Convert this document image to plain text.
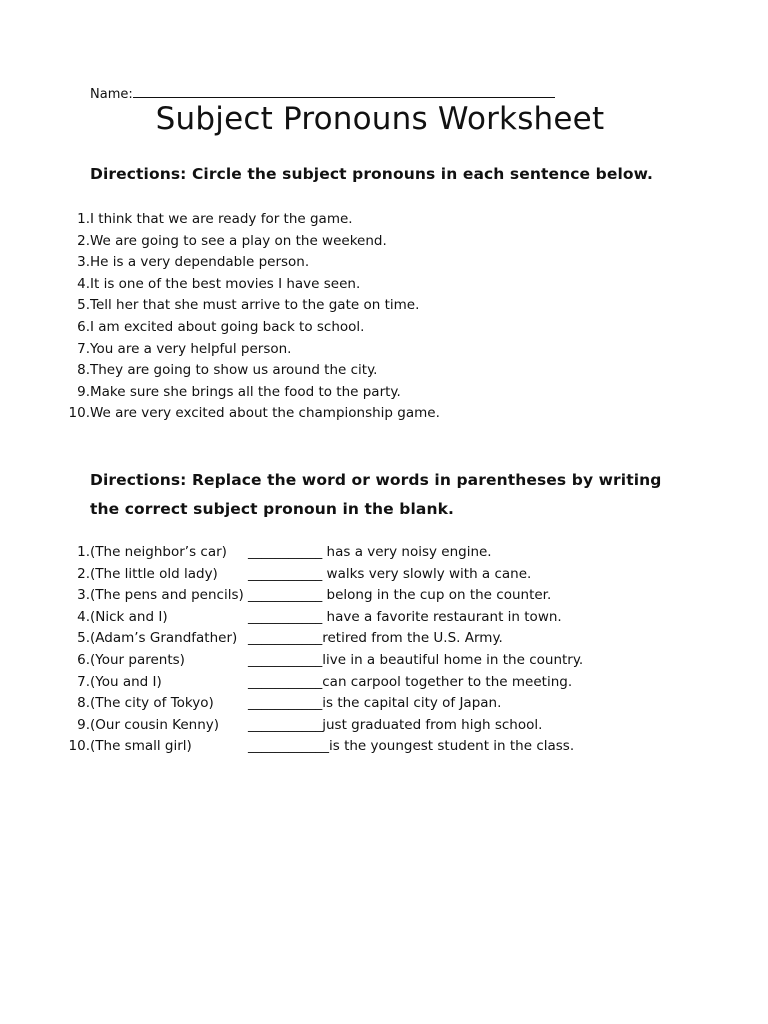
Name:
Subject Pronouns Worksheet
Directions: Circle the subject pronouns in each sentence below.
1. I think that we are ready for the game.
2. We are going to see a play on the weekend.
3. He is a very dependable person.
4. It is one of the best movies I have seen.
5. Tell her that she must arrive to the gate on time.
6. I am excited about going back to school.
7. You are a very helpful person.
8. They are going to show us around the city.
9. Make sure she brings all the food to the party.
10. We are very excited about the championship game.
Directions: Replace the word or words in parentheses by writing the correct subject pronoun in the blank.
1. (The neighbor’s car) ___________ has a very noisy engine.
2. (The little old lady) ___________ walks very slowly with a cane.
3. (The pens and pencils) ___________ belong in the cup on the counter.
4. (Nick and I)	___________ have a favorite restaurant in town.
5. (Adam’s Grandfather) ___________retired from the U.S. Army.
6. (Your parents)	___________live in a beautiful home in the country.
7. (You and I)	___________can carpool together to the meeting.
8. (The city of Tokyo)	___________is the capital city of Japan.
9. (Our cousin Kenny) ___________just graduated from high school.
10. (The small girl)	____________is the youngest student in the class.
